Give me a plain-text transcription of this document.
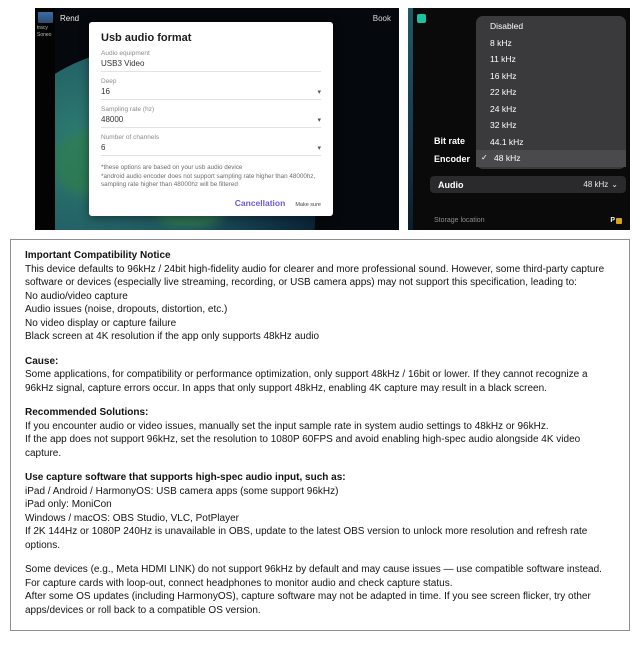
tracy
Soneo
Rend	Book
Usb audio format
Audio equipment
USB3 Video
Deep
16	▾
Sampling rate (hz)
48000	▾
Number of channels
6	▾
*these options are based on your usb audio device
*android audio encoder does not support sampling rate higher than 48000hz, sampling rate higher than 48000hz will be filtered
Cancellation Make sure
Disabled
8 kHz
11 kHz
16 kHz
22 kHz
24 kHz
32 kHz
44.1 kHz
✓ 48 kHz
Bit rate
Encoder
Audio	48 kHz ⌄
Storage location	P
Important Compatibility Notice
This device defaults to 96kHz / 24bit high-fidelity audio for clearer and more professional sound. However, some third-party capture software or devices (especially live streaming, recording, or USB camera apps) may not support this specification, leading to:
No audio/video capture
Audio issues (noise, dropouts, distortion, etc.)
No video display or capture failure
Black screen at 4K resolution if the app only supports 48kHz audio
Cause:
Some applications, for compatibility or performance optimization, only support 48kHz / 16bit or lower. If they cannot recognize a 96kHz signal, capture errors occur. In apps that only support 48kHz, enabling 4K capture may result in a black screen.
Recommended Solutions:
If you encounter audio or video issues, manually set the input sample rate in system audio settings to 48kHz or 96kHz.
If the app does not support 96kHz, set the resolution to 1080P 60FPS and avoid enabling high-spec audio alongside 4K video capture.
Use capture software that supports high-spec audio input, such as:
iPad / Android / HarmonyOS: USB camera apps (some support 96kHz)
iPad only: MoniCon
Windows / macOS: OBS Studio, VLC, PotPlayer
If 2K 144Hz or 1080P 240Hz is unavailable in OBS, update to the latest OBS version to unlock more resolution and refresh rate options.
Some devices (e.g., Meta HDMI LINK) do not support 96kHz by default and may cause issues — use compatible software instead.
For capture cards with loop-out, connect headphones to monitor audio and check capture status.
After some OS updates (including HarmonyOS), capture software may not be adapted in time. If you see screen flicker, try other apps/devices or roll back to a compatible OS version.
